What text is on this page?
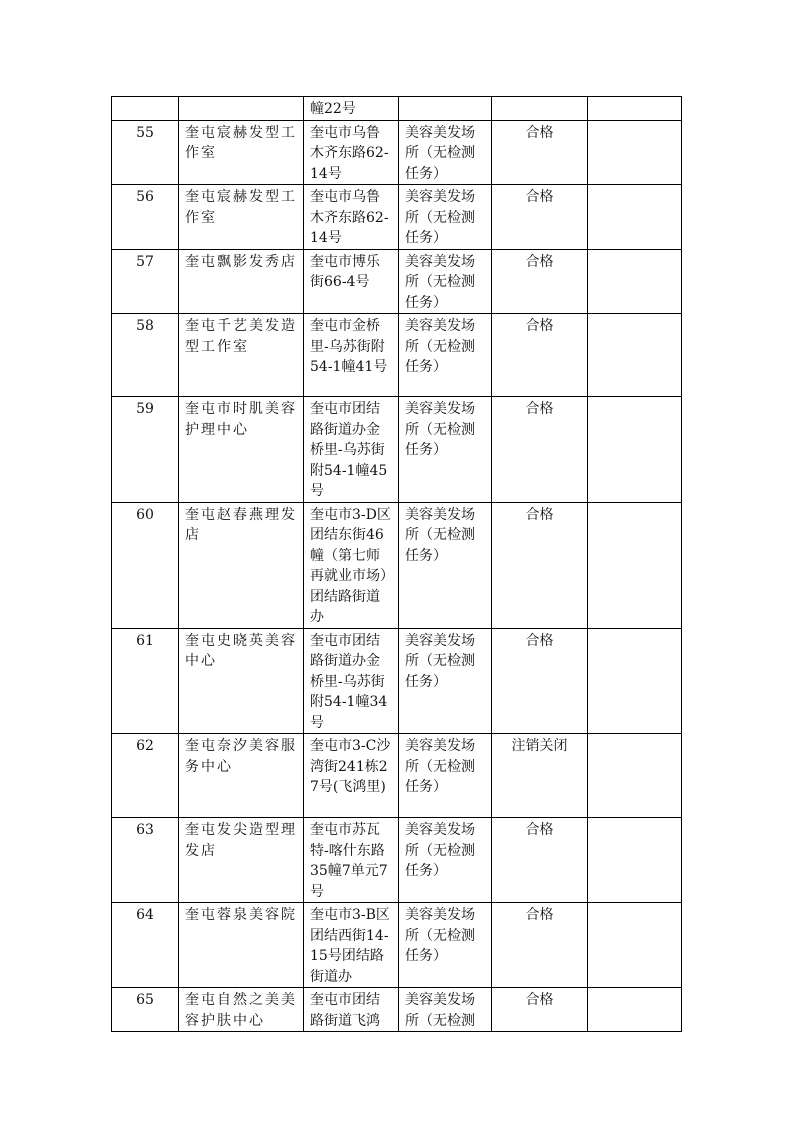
		幢22号			
55	奎屯宸赫发型工作室	奎屯市乌鲁木齐东路62-14号	美容美发场所（无检测任务）	合格	
56	奎屯宸赫发型工作室	奎屯市乌鲁木齐东路62-14号	美容美发场所（无检测任务）	合格	
57	奎屯飘影发秀店	奎屯市博乐街66-4号	美容美发场所（无检测任务）	合格	
58	奎屯千艺美发造型工作室	奎屯市金桥里-乌苏街附54-1幢41号	美容美发场所（无检测任务）	合格	
59	奎屯市时肌美容护理中心	奎屯市团结路街道办金桥里-乌苏街附54-1幢45号	美容美发场所（无检测任务）	合格	
60	奎屯赵春燕理发店	奎屯市3-D区团结东街46幢（第七师再就业市场）团结路街道办	美容美发场所（无检测任务）	合格	
61	奎屯史晓英美容中心	奎屯市团结路街道办金桥里-乌苏街附54-1幢34号	美容美发场所（无检测任务）	合格	
62	奎屯奈汐美容服务中心	奎屯市3-C沙湾街241栋27号(飞鸿里)	美容美发场所（无检测任务）	注销关闭	
63	奎屯发尖造型理发店	奎屯市苏瓦特-喀什东路35幢7单元7号	美容美发场所（无检测任务）	合格	
64	奎屯蓉泉美容院	奎屯市3-B区团结西街14-15号团结路街道办	美容美发场所（无检测任务）	合格	
65	奎屯自然之美美容护肤中心	奎屯市团结路街道飞鸿	美容美发场所（无检测	合格	
